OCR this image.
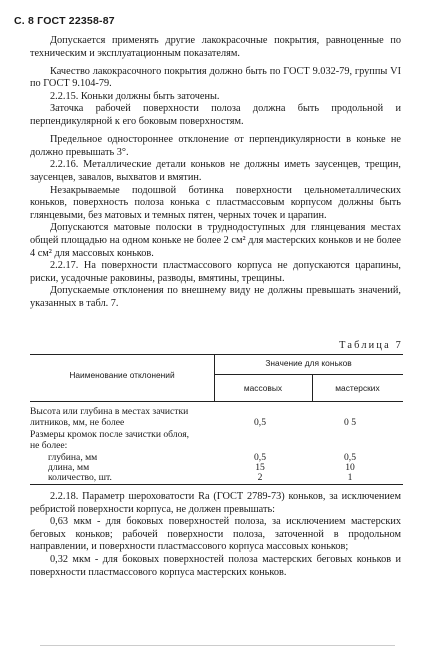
С. 8 ГОСТ 22358-87

Допускается применять другие лакокрасочные покрытия, равноценные по техническим и эксплуатационным показателям.

Качество лакокрасочного покрытия должно быть по ГОСТ 9.032-79, группы VI по ГОСТ 9.104-79.

2.2.15. Коньки должны быть заточены.

Заточка рабочей поверхности полоза должна быть продольной и перпендикулярной к его боковым поверхностям.

Предельное одностороннее отклонение от перпендикулярности в коньке не должно превышать 3°.

2.2.16. Металлические детали коньков не должны иметь заусенцев, трещин, заусенцев, завалов, выхватов и вмятин.

Незакрываемые подошвой ботинка поверхности цельнометаллических коньков, поверхность полоза конька с пластмассовым корпусом должны быть глянцевыми, без матовых и темных пятен, черных точек и царапин.

Допускаются матовые полоски в труднодоступных для глянцевания местах общей площадью на одном коньке не более 2 см² для мастерских коньков и не более 4 см² для массовых коньков.

2.2.17. На поверхности пластмассового корпуса не допускаются царапины, риски, усадочные раковины, разводы, вмятины, трещины.

Допускаемые отклонения по внешнему виду не должны превышать значений, указанных в табл. 7.

Таблица 7
Наименование отклонений
Значение для коньков
массовых	мастерских
Высота или глубина в местах зачистки
литников, мм, не более	0,5	0 5
Размеры кромок после зачистки облоя,
не более:
глубина, мм	0,5	0,5
длина, мм	15	10
количество, шт.	2	1

2.2.18. Параметр шероховатости Ra (ГОСТ 2789-73) коньков, за исключением ребристой поверхности корпуса, не должен превышать:

0,63 мкм - для боковых поверхностей полоза, за исключением мастерских беговых коньков; рабочей поверхности полоза, заточенной в продольном направлении, и поверхности пластмассового корпуса массовых коньков;

0,32 мкм - для боковых поверхностей полоза мастерских беговых коньков и поверхности пластмассового корпуса мастерских коньков.
